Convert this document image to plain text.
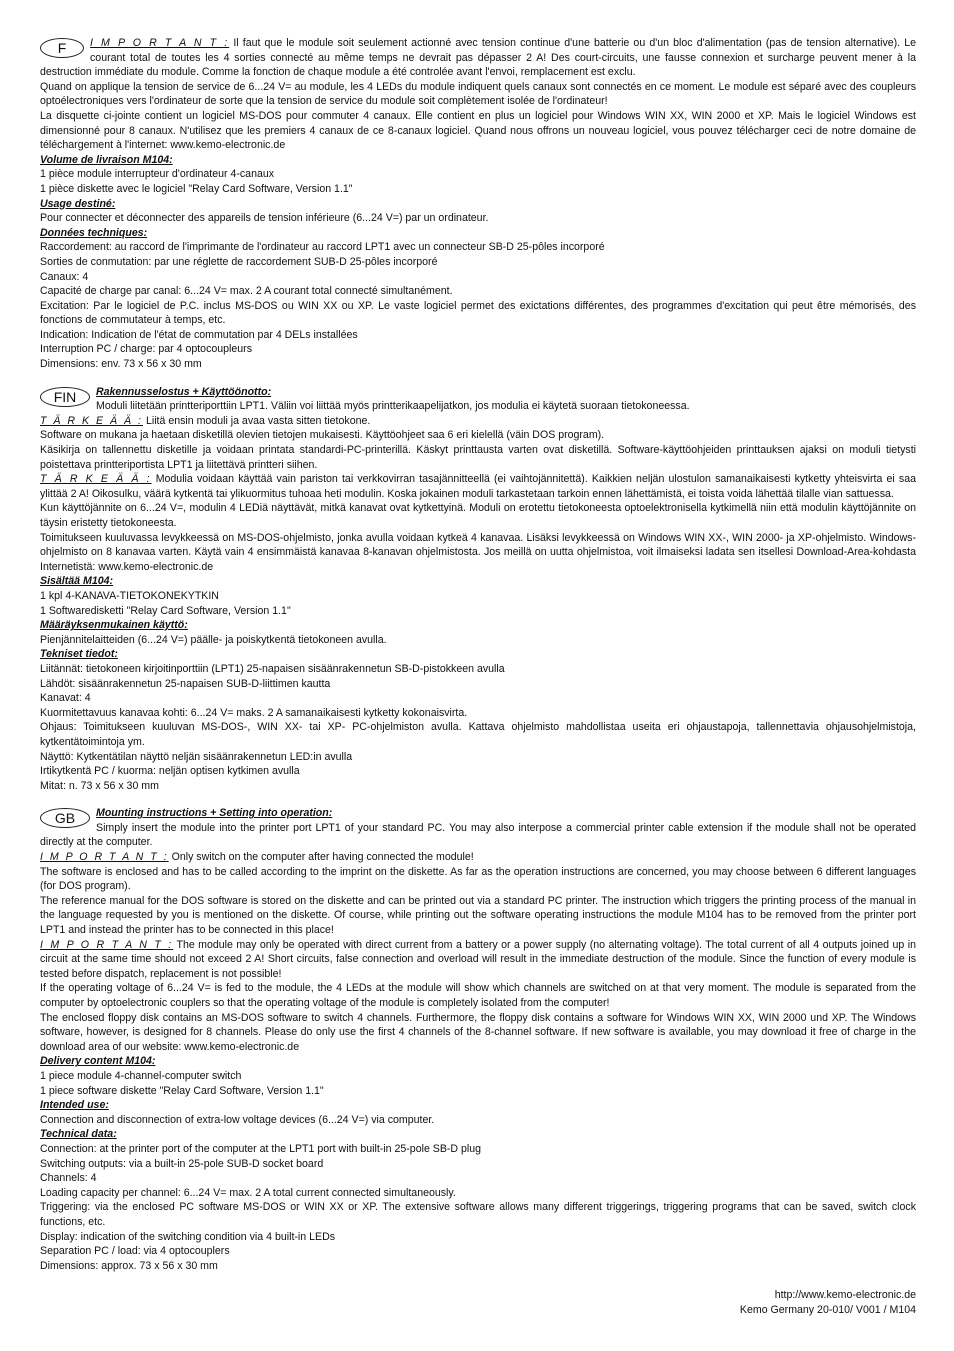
F	I M P O R T A N T : Il faut que le module soit seulement actionné avec tension continue d'une batterie ou d'un bloc d'alimentation (pas de tension alternative). Le courant total de toutes les 4 sorties connecté au même temps ne devrait pas dépasser 2 A! Des court-circuits, une fausse connexion et surcharge peuvent mener à la destruction immédiate du module. Comme la fonction de chaque module a été controlée avant l'envoi, remplacement est exclu.

Quand on applique la tension de service de 6...24 V= au module, les 4 LEDs du module indiquent quels canaux sont connectés en ce moment. Le module est séparé avec des coupleurs optoélectroniques vers l'ordinateur de sorte que la tension de service du module soit complètement isolée de l'ordinateur!

La disquette ci-jointe contient un logiciel MS-DOS pour commuter 4 canaux. Elle contient en plus un logiciel pour Windows WIN XX, WIN 2000 et XP. Mais le logiciel Windows est dimensionné pour 8 canaux. N'utilisez que les premiers 4 canaux de ce 8-canaux logiciel. Quand nous offrons un nouveau logiciel, vous pouvez télécharger ceci de notre domaine de téléchargement à l'internet: www.kemo-electronic.de

Volume de livraison M104:

1 pièce module interrupteur d'ordinateur 4-canaux

1 pièce diskette avec le logiciel "Relay Card Software, Version 1.1"

Usage destiné:

Pour connecter et déconnecter des appareils de tension inférieure (6...24 V=) par un ordinateur.

Données techniques:

Raccordement: au raccord de l'imprimante de l'ordinateur au raccord LPT1 avec un connecteur SB-D 25-pôles incorporé

Sorties de conmutation: par une réglette de raccordement SUB-D 25-pôles incorporé

Canaux: 4

Capacité de charge par canal: 6...24 V= max. 2 A courant total connecté simultanément.

Excitation: Par le logiciel de P.C. inclus MS-DOS ou WIN XX ou XP. Le vaste logiciel permet des exictations différentes, des programmes d'excitation qui peut être mémorisés, des fonctions de commutateur à temps, etc.

Indication: Indication de l'état de commutation par 4 DELs installées

Interruption PC / charge: par 4 optocoupleurs

Dimensions: env. 73 x 56 x 30 mm

FIN	Rakennusselostus + Käyttöönotto:

Moduli liitetään printteriporttiin LPT1. Väliin voi liittää myös printterikaapelijatkon, jos modulia ei käytetä suoraan tietokoneessa.

T Ä R K E Ä Ä : Liitä ensin moduli ja avaa vasta sitten tietokone.

Software on mukana ja haetaan disketillä olevien tietojen mukaisesti. Käyttöohjeet saa 6 eri kielellä (väin DOS program).

Käsikirja on tallennettu disketille ja voidaan printata standardi-PC-printerillä. Käskyt printtausta varten ovat disketillä. Software-käyttöohjeiden printtauksen ajaksi on moduli tietysti poistettava printteriportista LPT1 ja liitettävä printteri siihen.

T Ä R K E Ä Ä : Modulia voidaan käyttää vain pariston tai verkkovirran tasajännitteellä (ei vaihtojännitettä). Kaikkien neljän ulostulon samanaikaisesti kytketty yhteisvirta ei saa ylittää 2 A! Oikosulku, väärä kytkentä tai ylikuormitus tuhoaa heti modulin. Koska jokainen moduli tarkastetaan tarkoin ennen lähettämistä, ei toista voida lähettää tilalle vian sattuessa.

Kun käyttöjännite on 6...24 V=, modulin 4 LEDiä näyttävät, mitkä kanavat ovat kytkettyinä. Moduli on erotettu tietokoneesta optoelektronisella kytkimellä niin että modulin käyttöjännite on täysin eristetty tietokoneesta.

Toimitukseen kuuluvassa levykkeessä on MS-DOS-ohjelmisto, jonka avulla voidaan kytkeä 4 kanavaa. Lisäksi levykkeessä on Windows WIN XX-, WIN 2000- ja XP-ohjelmisto. Windows-ohjelmisto on 8 kanavaa varten. Käytä vain 4 ensimmäistä kanavaa 8-kanavan ohjelmistosta. Jos meillä on uutta ohjelmistoa, voit ilmaiseksi ladata sen itsellesi Download-Area-kohdasta Internetistä: www.kemo-electronic.de

Sisältää M104:

1 kpl 4-KANAVA-TIETOKONEKYTKIN

1 Softwaredisketti "Relay Card Software, Version 1.1"

Määräyksenmukainen käyttö:

Pienjännitelaitteiden (6...24 V=) päälle- ja poiskytkentä tietokoneen avulla.

Tekniset tiedot:

Liitännät: tietokoneen kirjoitinporttiin (LPT1) 25-napaisen sisäänrakennetun SB-D-pistokkeen avulla

Lähdöt: sisäänrakennetun 25-napaisen SUB-D-liittimen kautta

Kanavat: 4

Kuormitettavuus kanavaa kohti: 6...24 V= maks. 2 A samanaikaisesti kytketty kokonaisvirta.

Ohjaus: Toimitukseen kuuluvan MS-DOS-, WIN XX- tai XP- PC-ohjelmiston avulla. Kattava ohjelmisto mahdollistaa useita eri ohjaustapoja, tallennettavia ohjausohjelmistoja, kytkentätoimintoja ym.

Näyttö: Kytkentätilan näyttö neljän sisäänrakennetun LED:in avulla

Irtikytkentä PC / kuorma: neljän optisen kytkimen avulla

Mitat: n. 73 x 56 x 30 mm

GB	Mounting instructions + Setting into operation:

Simply insert the module into the printer port LPT1 of your standard PC. You may also interpose a commercial printer cable extension if the module shall not be operated directly at the computer.

I M P O R T A N T : Only switch on the computer after having connected the module!

The software is enclosed and has to be called according to the imprint on the diskette. As far as the operation instructions are concerned, you may choose between 6 different languages (for DOS program).

The reference manual for the DOS software is stored on the diskette and can be printed out via a standard PC printer. The instruction which triggers the printing process of the manual in the language requested by you is mentioned on the diskette. Of course, while printing out the software operating instructions the module M104 has to be removed from the printer port LPT1 and instead the printer has to be connected in this place!

I M P O R T A N T : The module may only be operated with direct current from a battery or a power supply (no alternating voltage). The total current of all 4 outputs joined up in circuit at the same time should not exceed 2 A! Short circuits, false connection and overload will result in the immediate destruction of the module. Since the function of every module is tested before dispatch, replacement is not possible!

If the operating voltage of 6...24 V= is fed to the module, the 4 LEDs at the module will show which channels are switched on at that very moment. The module is separated from the computer by optoelectronic couplers so that the operating voltage of the module is completely isolated from the computer!

The enclosed floppy disk contains an MS-DOS software to switch 4 channels. Furthermore, the floppy disk contains a software for Windows WIN XX, WIN 2000 und XP. The Windows software, however, is designed for 8 channels. Please do only use the first 4 channels of the 8-channel software. If new software is available, you may download it free of charge in the download area of our website: www.kemo-electronic.de

Delivery content M104:

1 piece module 4-channel-computer switch

1 piece software diskette "Relay Card Software, Version 1.1"

Intended use:

Connection and disconnection of extra-low voltage devices (6...24 V=) via computer.

Technical data:

Connection: at the printer port of the computer at the LPT1 port with built-in 25-pole SB-D plug

Switching outputs: via a built-in 25-pole SUB-D socket board

Channels: 4

Loading capacity per channel: 6...24 V= max. 2 A total current connected simultaneously.

Triggering: via the enclosed PC software MS-DOS or WIN XX or XP. The extensive software allows many different triggerings, triggering programs that can be saved, switch clock functions, etc.

Display: indication of the switching condition via 4 built-in LEDs

Separation PC / load: via 4 optocouplers

Dimensions: approx. 73 x 56 x 30 mm

http://www.kemo-electronic.de
Kemo Germany 20-010/ V001 / M104
